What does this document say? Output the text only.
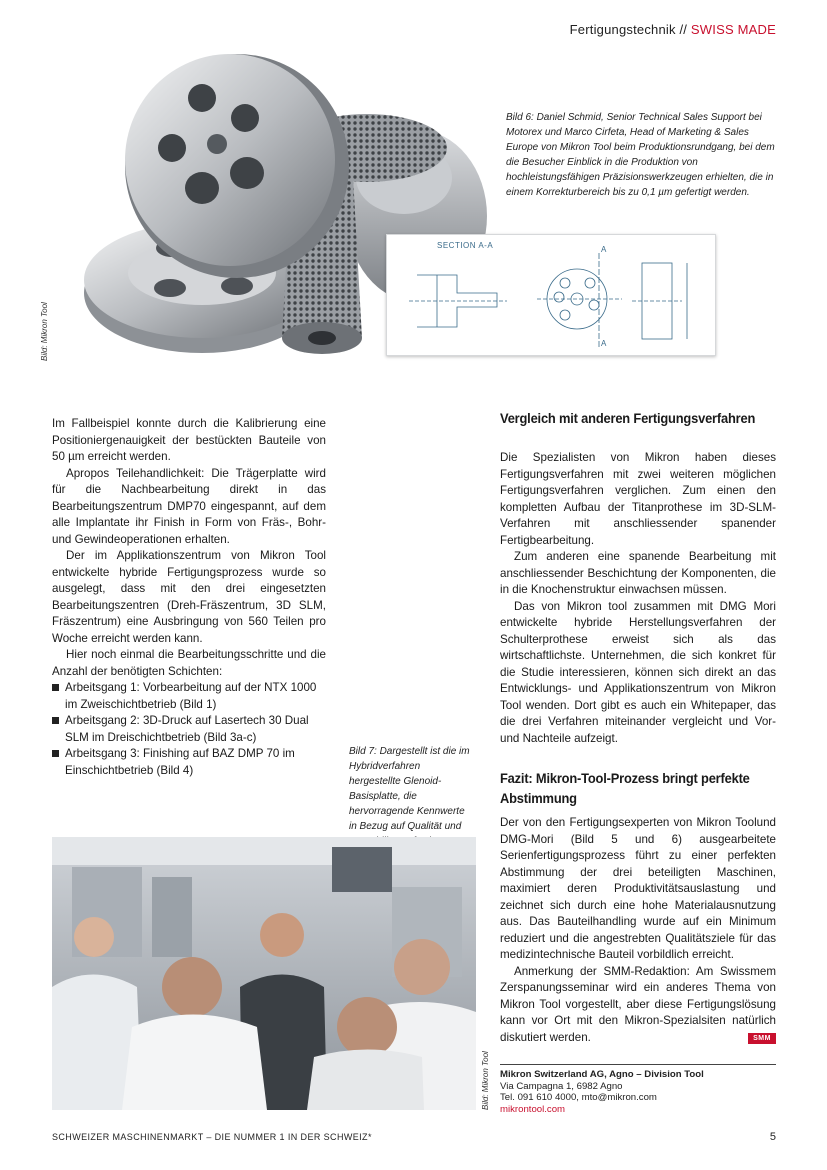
Fertigungstechnik // SWISS MADE
SECTION A-A	A
A
Bild 6: Daniel Schmid, Senior Technical Sales Support bei Motorex und Marco Cirfeta, Head of Marketing & Sales Europe von Mikron Tool beim Produktionsrundgang, bei dem die Besucher Einblick in die Produktion von hochleistungsfähigen Präzisionswerkzeugen erhielten, die in einem Korrekturbereich bis zu 0,1 µm gefertigt werden.
Bild: Mikron Tool

Im Fallbeispiel konnte durch die Kalibrierung eine Positioniergenauigkeit der bestückten Bauteile von 50 µm erreicht werden.

Apropos Teilehandlichkeit: Die Trägerplatte wird für die Nachbearbeitung direkt in das Bearbeitungszentrum DMP70 eingespannt, auf dem alle Implantate ihr Finish in Form von Fräs-, Bohr- und Gewindeoperationen erhalten.

Der im Applikationszentrum von Mikron Tool entwickelte hybride Fertigungsprozess wurde so ausgelegt, dass mit den drei eingesetzten Bearbeitungszentren (Dreh-Fräszentrum, 3D SLM, Fräszentrum) eine Ausbringung von 560 Teilen pro Woche erreicht werden kann.

Hier noch einmal die Bearbeitungsschritte und die Anzahl der benötigten Schichten:

Arbeitsgang 1: Vorbearbeitung auf der NTX 1000 im Zweischichtbetrieb (Bild 1)
Arbeitsgang 2: 3D-Druck auf Lasertech 30 Dual SLM im Dreischichtbetrieb (Bild 3a-c)
Arbeitsgang 3: Finishing auf BAZ DMP 70 im Einschichtbetrieb (Bild 4)
Bild 7: Dargestellt ist die im Hybridverfahren hergestellte Glenoid-Basisplatte, die hervorragende Kennwerte in Bezug auf Qualität und
Vergleich mit anderen Fertigungsverfahren

Die Spezialisten von Mikron haben dieses Fertigungsverfahren mit zwei weiteren möglichen Fertigungsverfahren verglichen. Zum einen den kompletten Aufbau der Titanprothese im 3D-SLM-Verfahren mit anschliessender spanender Fertigbearbeitung.

Zum anderen eine spanende Bearbeitung mit anschliessender Beschichtung der Komponenten, die in die Knochenstruktur einwachsen müssen.

Das von Mikron tool zusammen mit DMG Mori entwickelte hybride Herstellungsverfahren der Schulterprothese erweist sich als das wirtschaftlichste. Unternehmen, die sich konkret für die Studie interessieren, können sich direkt an das Entwicklungs- und Applikationszentrum von Mikron Tool wenden. Dort gibt es auch ein Whitepaper, das die drei Verfahren miteinander vergleicht und Vor- und Nachteile aufzeigt.

Fazit: Mikron-Tool-Prozess bringt perfekte Abstimmung

Der von den Fertigungsexperten von Mikron Toolund DMG-Mori (Bild 5 und 6) ausgearbeitete Serienfertigungsprozess führt zu einer perfekten Abstimmung der drei beteiligten Maschinen, maximiert deren Produktivitätsauslastung und zeichnet sich durch eine hohe Materialausnutzung aus. Das Bauteilhandling wurde auf ein Minimum reduziert und die angestrebten Qualitätsziele für das medizintechnische Bauteil vorbildlich erreicht.

Anmerkung der SMM-Redaktion: Am Swissmem Zerspanungsseminar wird ein anderes Thema von Mikron Tool vorgestellt, aber diese Fertigungslösung kann vor Ort mit den Mikron-Spezialsiten natürlich diskutiert werden.	SMM
Bild: Mikron Tool Mikron Switzerland AG, Agno – Division Tool
Via Campagna 1, 6982 Agno
Tel. 091 610 4000, mto@mikron.com
mikrontool.com
SCHWEIZER MASCHINENMARKT – DIE NUMMER 1 IN DER SCHWEIZ*	5
